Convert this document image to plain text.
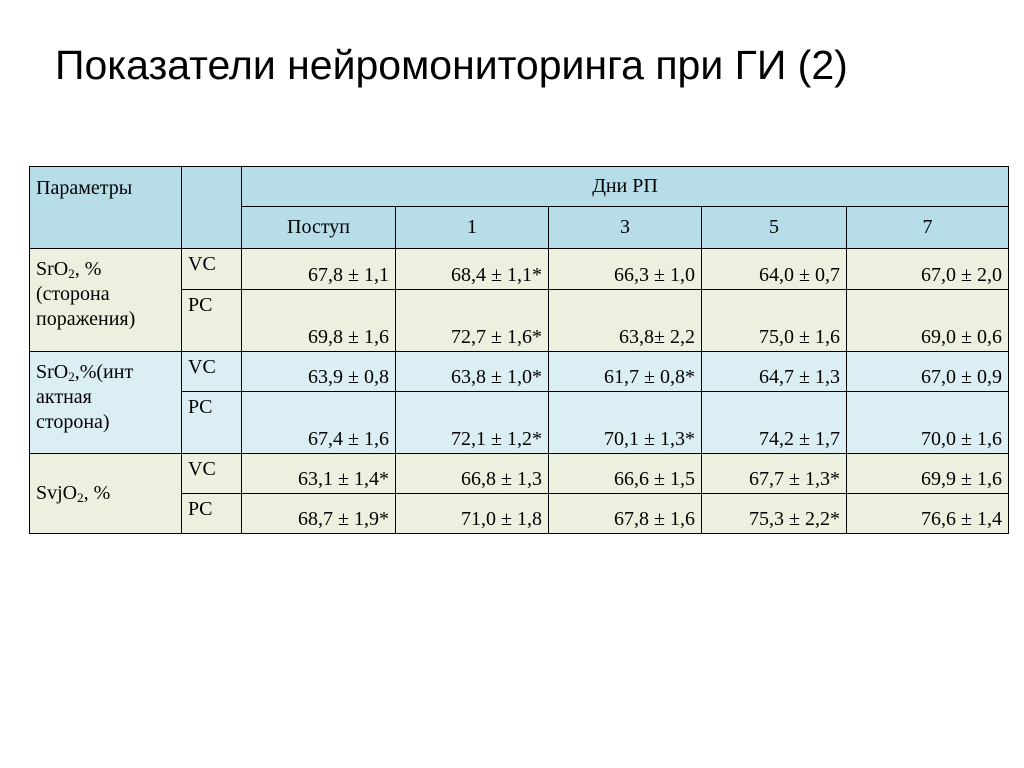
Показатели нейромониторинга при ГИ (2)
Параметры		Дни РП				
		Поступ	1	3	5	7
SrO$_2$, %
(сторона
поражения)	VC	67,8 ± 1,1	68,4 ± 1,1*	66,3 ± 1,0	64,0 ± 0,7	67,0 ± 2,0
	PC	69,8 ± 1,6	72,7 ± 1,6*	63,8± 2,2	75,0 ± 1,6	69,0 ± 0,6
SrO$_2$,%(инт
актная
сторона)	VC	63,9 ± 0,8	63,8 ± 1,0*	61,7 ± 0,8*	64,7 ± 1,3	67,0 ± 0,9
	PC	67,4 ± 1,6	72,1 ± 1,2*	70,1 ± 1,3*	74,2 ± 1,7	70,0 ± 1,6
SvjO$_2$, %	VC	63,1 ± 1,4*	66,8 ± 1,3	66,6 ± 1,5	67,7 ± 1,3*	69,9 ± 1,6
	PC	68,7 ± 1,9*	71,0 ± 1,8	67,8 ± 1,6	75,3 ± 2,2*	76,6 ± 1,4
